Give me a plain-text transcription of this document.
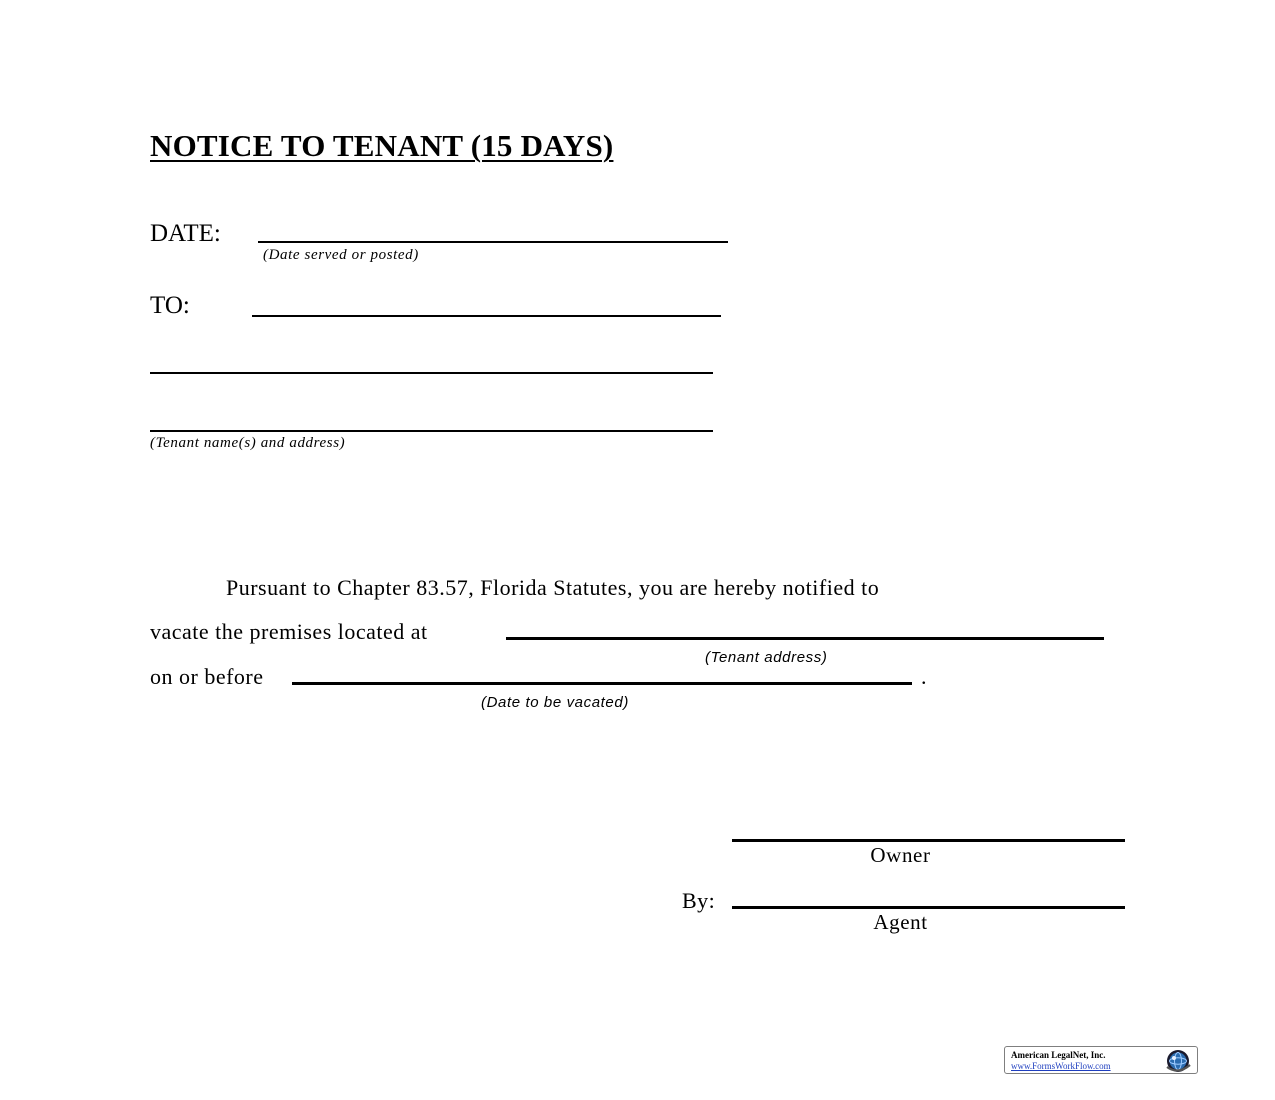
NOTICE TO TENANT (15 DAYS)
DATE:
(Date served or posted)
TO:
(Tenant name(s) and address)
Pursuant to Chapter 83.57, Florida Statutes, you are hereby notified to
vacate the premises located at
(Tenant address)
on or before	.
(Date to be vacated)
Owner
By:
Agent
American LegalNet, Inc.
www.FormsWorkFlow.com
